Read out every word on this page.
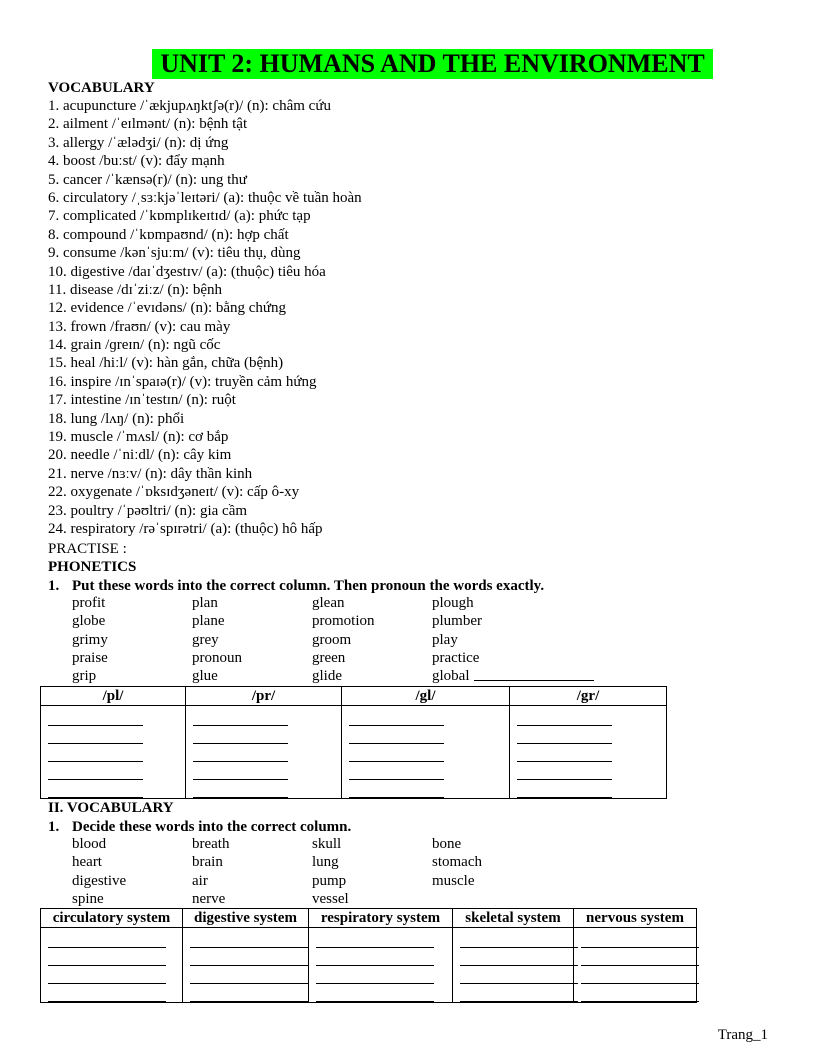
UNIT 2: HUMANS AND THE ENVIRONMENT
VOCABULARY
1. acupuncture /ˈækjupʌŋktʃə(r)/ (n): châm cứu
2. ailment /ˈeɪlmənt/ (n): bệnh tật
3. allergy /ˈælədʒi/ (n): dị ứng
4. boost /buːst/ (v): đẩy mạnh
5. cancer /ˈkænsə(r)/ (n): ung thư
6. circulatory /ˌsɜːkjəˈleɪtəri/ (a): thuộc về tuần hoàn
7. complicated /ˈkɒmplɪkeɪtɪd/ (a): phức tạp
8. compound /ˈkɒmpaʊnd/ (n): hợp chất
9. consume /kənˈsjuːm/ (v): tiêu thụ, dùng
10. digestive /daɪˈdʒestɪv/ (a): (thuộc) tiêu hóa
11. disease /dɪˈziːz/ (n): bệnh
12. evidence /ˈevɪdəns/ (n): bằng chứng
13. frown /fraʊn/ (v): cau mày
14. grain /ɡreɪn/ (n): ngũ cốc
15. heal /hiːl/ (v): hàn gắn, chữa (bệnh)
16. inspire /ɪnˈspaɪə(r)/ (v): truyền cảm hứng
17. intestine /ɪnˈtestɪn/ (n): ruột
18. lung /lʌŋ/ (n): phổi
19. muscle /ˈmʌsl/ (n): cơ bắp
20. needle /ˈniːdl/ (n): cây kim
21. nerve /nɜːv/ (n): dây thần kinh
22. oxygenate /ˈɒksɪdʒəneɪt/ (v): cấp ô-xy
23. poultry /ˈpəʊltri/ (n): gia cầm
24. respiratory /rəˈspɪrətri/ (a): (thuộc) hô hấp
PRACTISE :
PHONETICS
1. Put these words into the correct column. Then pronoun the words exactly.
profit	plan	glean	plough
globe	plane	promotion	plumber
grimy	grey	groom	play
praise	pronoun	green	practice
grip	glue	glide	global
/pl/	/pr/	/gl/	/gr/

II. VOCABULARY
1. Decide these words into the correct column.
blood	breath	skull	bone
heart	brain	lung	stomach
digestive	air	pump	muscle
spine	nerve	vessel
circulatory system	digestive system	respiratory system	skeletal system	nervous system

Trang_1
